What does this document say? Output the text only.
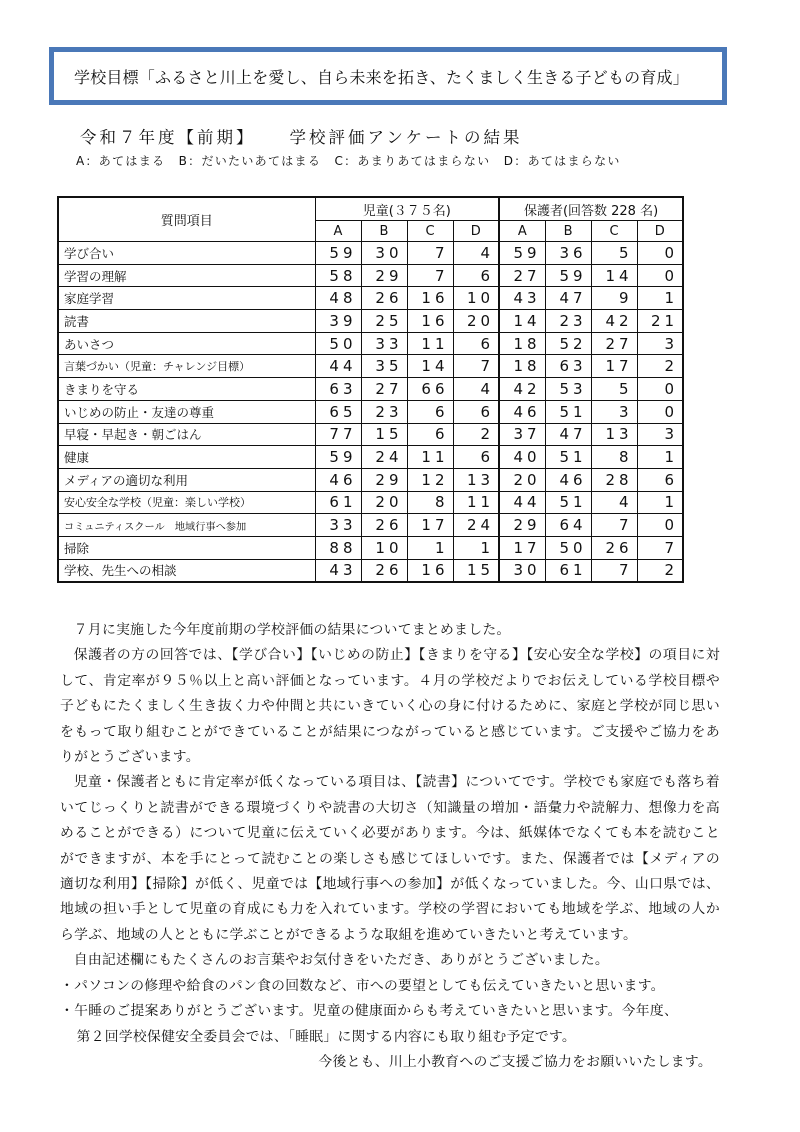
学校目標「ふるさと川上を愛し、自ら未来を拓き、たくましく生きる子どもの育成」
令和７年度【前期】 学校評価アンケートの結果
A：あてはまる　B：だいたいあてはまる　C：あまりあてはまらない　D：あてはまらない
質問項目	児童(３７５名)				保護者(回答数 228 名)			
	A	B	C	D	A	B	C	D
学び合い	59	30	7	4	59	36	5	0
学習の理解	58	29	7	6	27	59	14	0
家庭学習	48	26	16	10	43	47	9	1
読書	39	25	16	20	14	23	42	21
あいさつ	50	33	11	6	18	52	27	3
言葉づかい（児童：チャレンジ目標）	44	35	14	7	18	63	17	2
きまりを守る	63	27	66	4	42	53	5	0
いじめの防止・友達の尊重	65	23	6	6	46	51	3	0
早寝・早起き・朝ごはん	77	15	6	2	37	47	13	3
健康	59	24	11	6	40	51	8	1
メディアの適切な利用	46	29	12	13	20	46	28	6
安心安全な学校（児童：楽しい学校）	61	20	8	11	44	51	4	1
コミュニティスクール　地域行事へ参加	33	26	17	24	29	64	7	0
掃除	88	10	1	1	17	50	26	7
学校、先生への相談	43	26	16	15	30	61	7	2

７月に実施した今年度前期の学校評価の結果についてまとめました。

保護者の方の回答では、【学び合い】【いじめの防止】【きまりを守る】【安心安全な学校】の項目に対して、肯定率が９５％以上と高い評価となっています。４月の学校だよりでお伝えしている学校目標や子どもにたくましく生き抜く力や仲間と共にいきていく心の身に付けるために、家庭と学校が同じ思いをもって取り組むことができていることが結果につながっていると感じています。ご支援やご協力をありがとうございます。

児童・保護者ともに肯定率が低くなっている項目は、【読書】についてです。学校でも家庭でも落ち着いてじっくりと読書ができる環境づくりや読書の大切さ（知識量の増加・語彙力や読解力、想像力を高めることができる）について児童に伝えていく必要があります。今は、紙媒体でなくても本を読むことができますが、本を手にとって読むことの楽しさも感じてほしいです。また、保護者では【メディアの適切な利用】【掃除】が低く、児童では【地域行事への参加】が低くなっていました。今、山口県では、地域の担い手として児童の育成にも力を入れています。学校の学習においても地域を学ぶ、地域の人から学ぶ、地域の人とともに学ぶことができるような取組を進めていきたいと考えています。

自由記述欄にもたくさんのお言葉やお気付きをいただき、ありがとうございました。

・パソコンの修理や給食のパン食の回数など、市への要望としても伝えていきたいと思います。

・午睡のご提案ありがとうございます。児童の健康面からも考えていきたいと思います。今年度、

第２回学校保健安全委員会では、「睡眠」に関する内容にも取り組む予定です。

今後とも、川上小教育へのご支援ご協力をお願いいたします。
